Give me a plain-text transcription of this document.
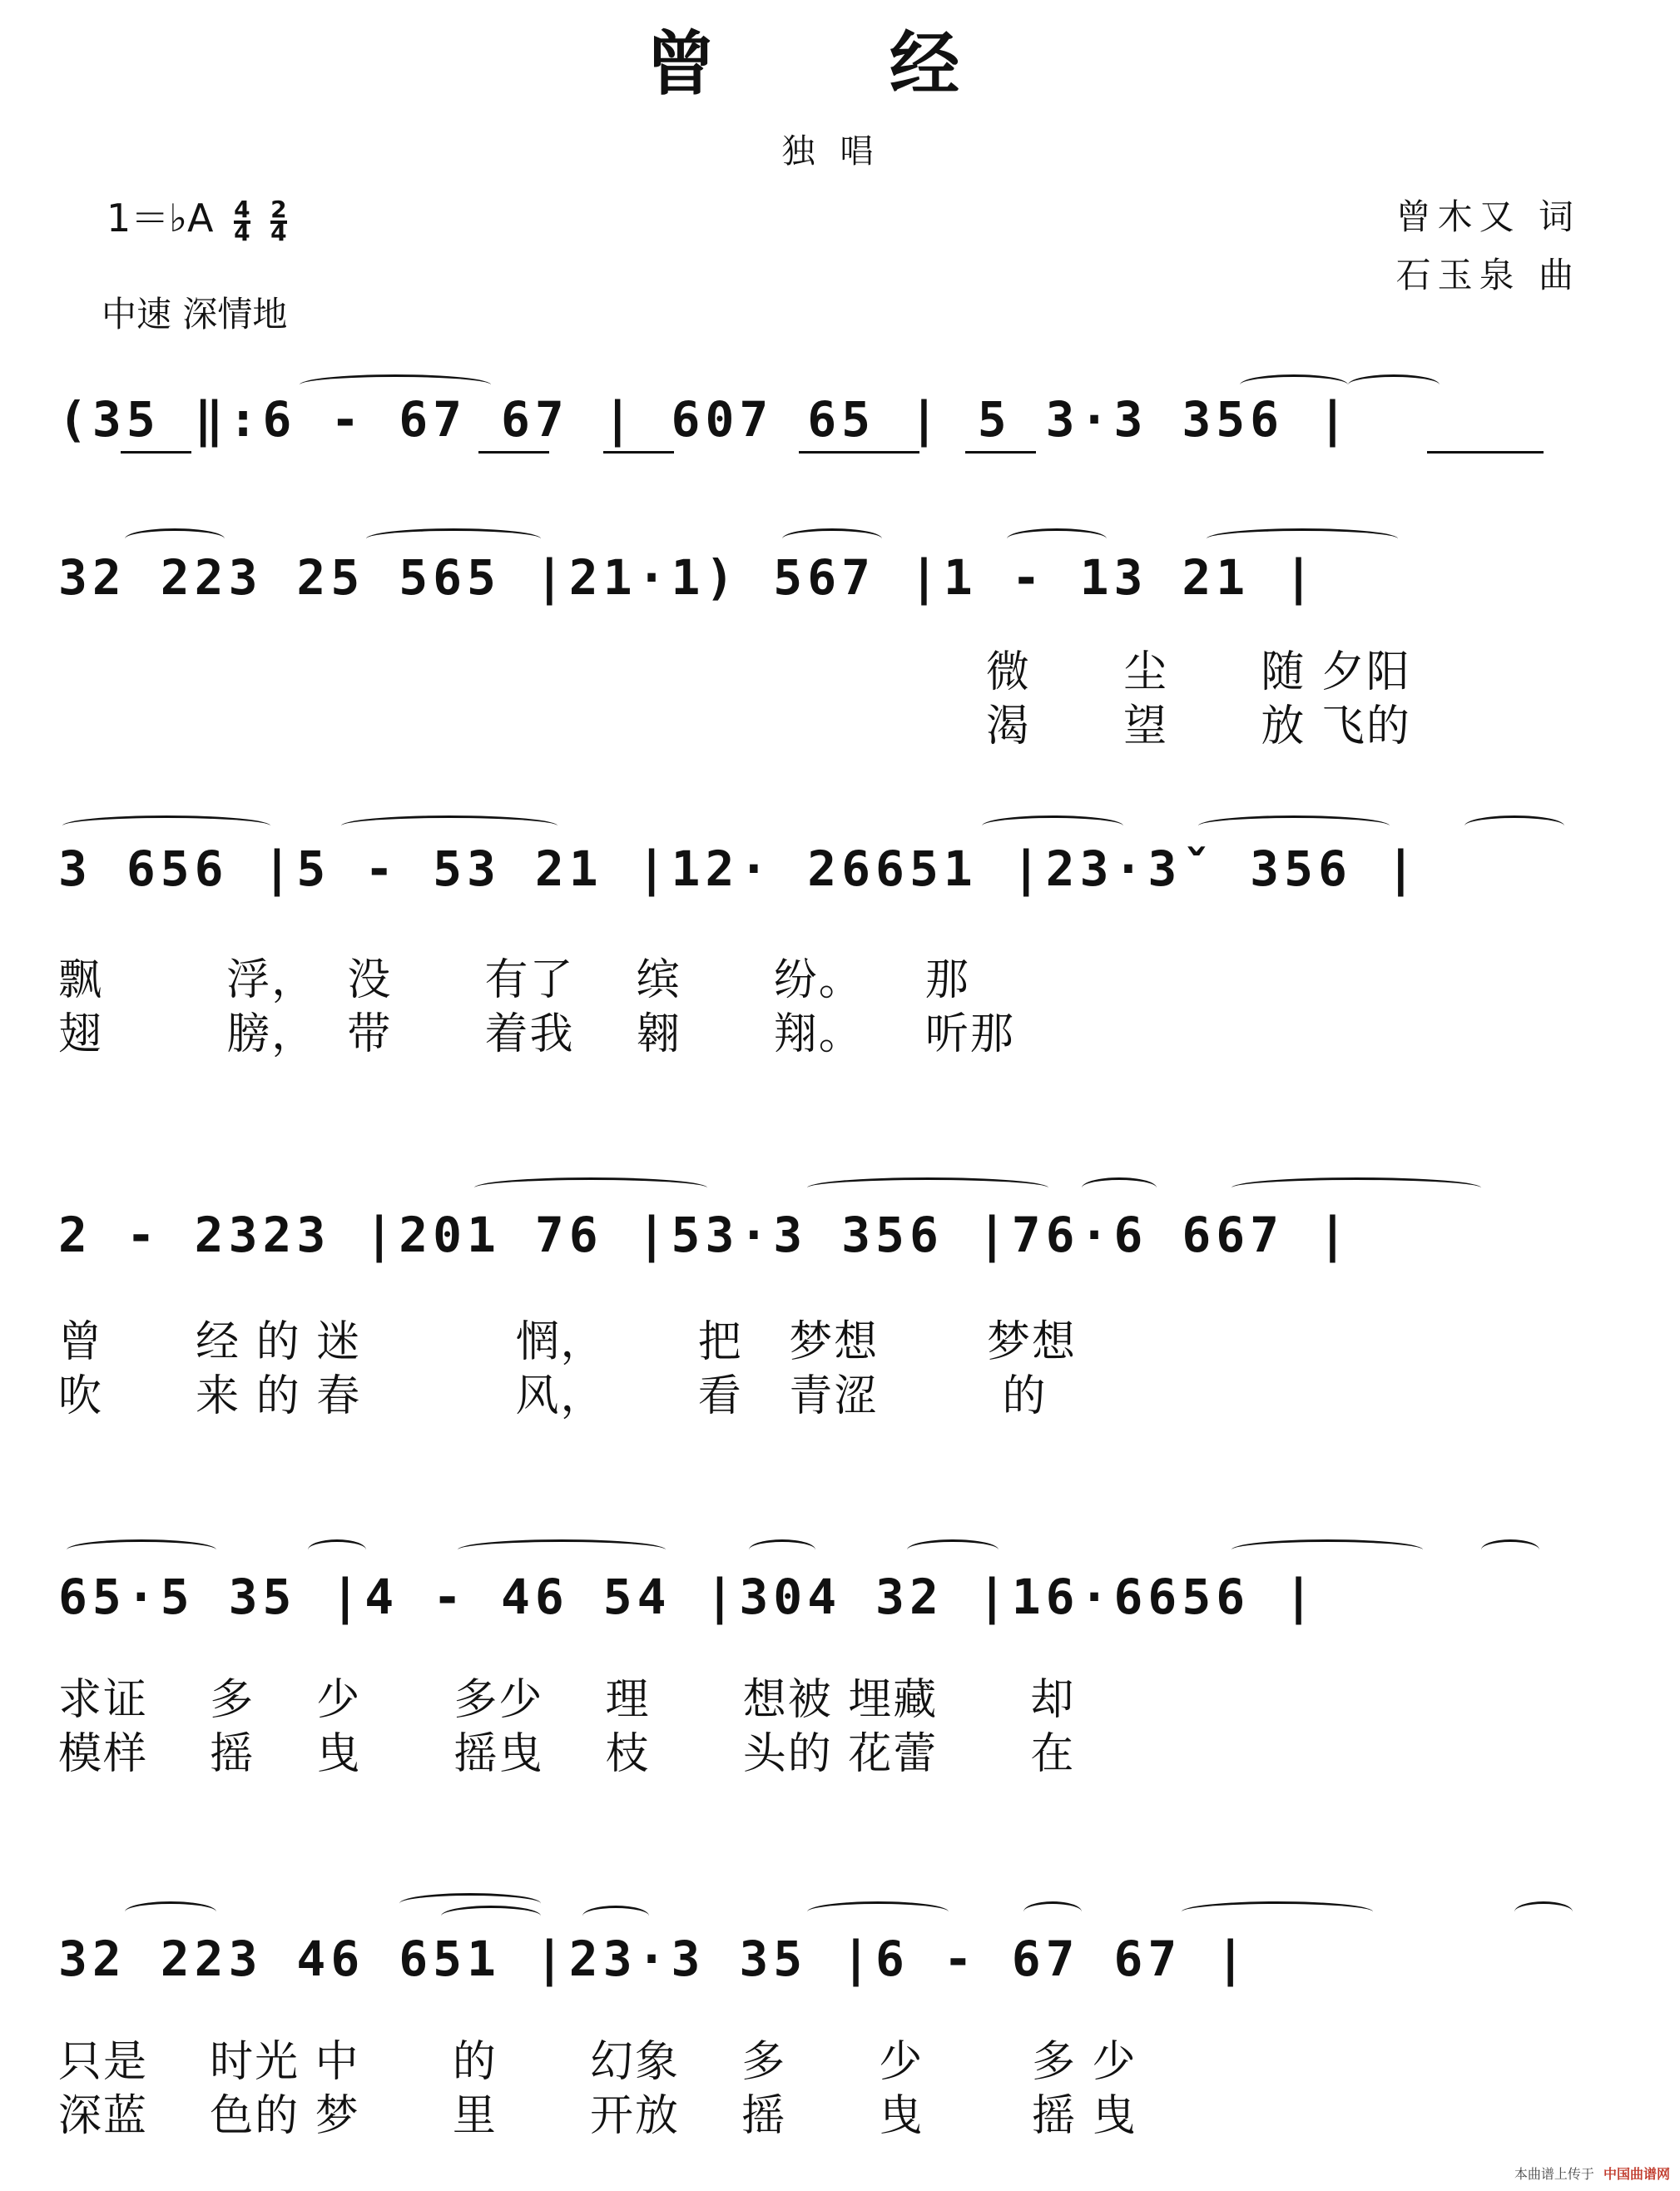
曾 经
独唱
1＝♭A $\frac{4}{4}$
$\frac{2}{4}$
中速 深情地
曾木又 词
石玉泉 曲
(35 ‖:6 - 67 67 | 607 65 | 5 3·3 356 |
32 223 25 565 |21·1) 567 |1 - 13 21 |
微      尘      随 夕阳
渴      望      放 飞的
3 656 |5 - 53 21 |12· 26651 |23·3ˇ 356 |
飘        浮，  没      有了    缤      纷。    那
翅        膀，  带      着我    翱      翔。    听那
2 - 2323 |201 76 |53·3 356 |76·6 667 |
曾      经 的 迷          惘，      把   梦想       梦想
吹      来 的 春          风，      看   青涩        的
65·5 35 |4 - 46 54 |304 32 |16·6656 |
求证    多    少      多少    理      想被 埋藏      却
模样    摇    曳      摇曳    枝      头的 花蕾      在
32 223 46 651 |23·3 35 |6 - 67 67 |
只是    时光 中      的      幻象    多      少       多 少
深蓝    色的 梦      里      开放    摇      曳       摇 曳
本曲谱上传于 中国曲谱网
